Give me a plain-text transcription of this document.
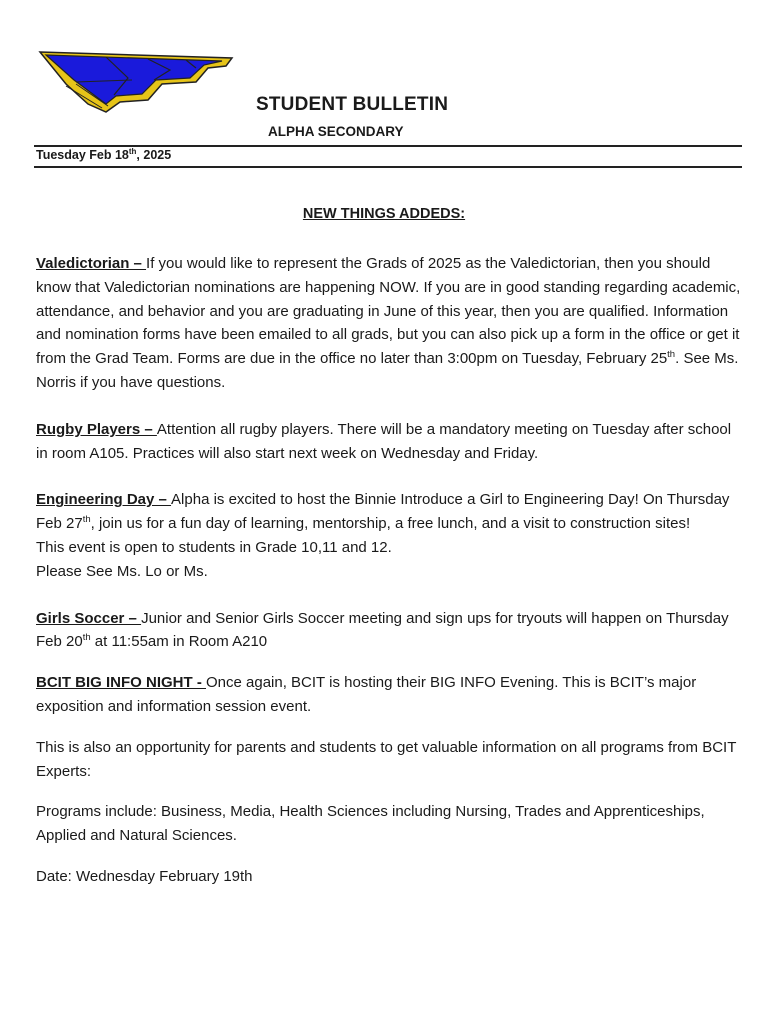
STUDENT BULLETIN
ALPHA SECONDARY
Tuesday Feb 18th, 2025
NEW THINGS ADDEDS:

Valedictorian – If you would like to represent the Grads of 2025 as the Valedictorian, then you should know that Valedictorian nominations are happening NOW. If you are in good standing regarding academic, attendance, and behavior and you are graduating in June of this year, then you are qualified. Information and nomination forms have been emailed to all grads, but you can also pick up a form in the office or get it from the Grad Team. Forms are due in the office no later than 3:00pm on Tuesday, February 25th. See Ms. Norris if you have questions.

Rugby Players – Attention all rugby players. There will be a mandatory meeting on Tuesday after school in room A105. Practices will also start next week on Wednesday and Friday.

Engineering Day – Alpha is excited to host the Binnie Introduce a Girl to Engineering Day! On Thursday Feb 27th, join us for a fun day of learning, mentorship, a free lunch, and a visit to construction sites!

This event is open to students in Grade 10,11 and 12.

Please See Ms. Lo or Ms.

Girls Soccer – Junior and Senior Girls Soccer meeting and sign ups for tryouts will happen on Thursday Feb 20th at 11:55am in Room A210

BCIT BIG INFO NIGHT - Once again, BCIT is hosting their BIG INFO Evening. This is BCIT’s major exposition and information session event.

This is also an opportunity for parents and students to get valuable information on all programs from BCIT Experts:

Programs include: Business, Media, Health Sciences including Nursing, Trades and Apprenticeships, Applied and Natural Sciences.

Date: Wednesday February 19th
